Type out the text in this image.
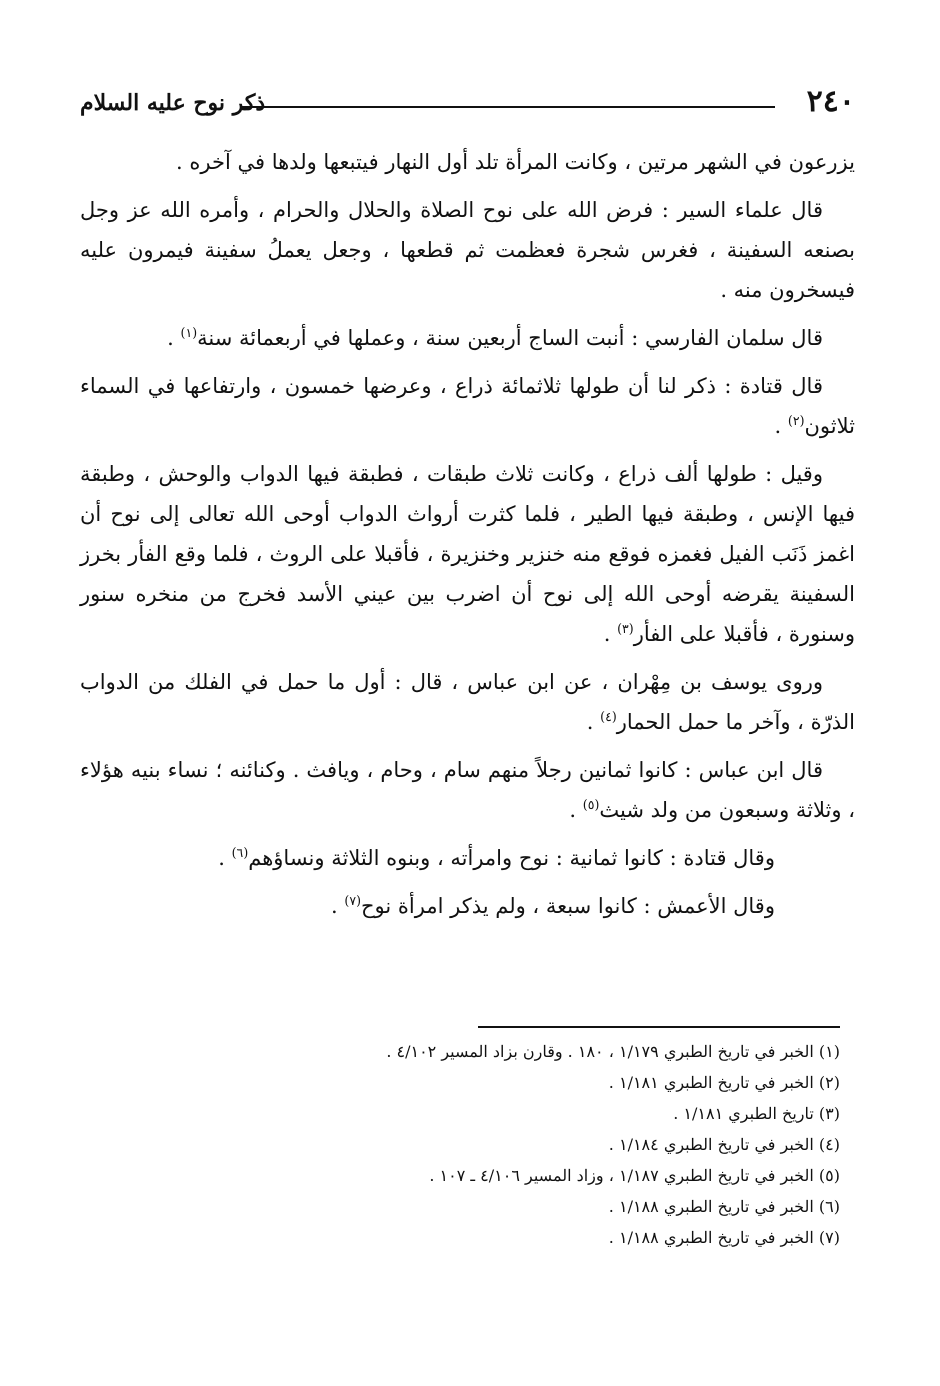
٢٤٠
ذكر نوح عليه السلام

يزرعون في الشهر مرتين ، وكانت المرأة تلد أول النهار فيتبعها ولدها في آخره .

قال علماء السير : فرض الله على نوح الصلاة والحلال والحرام ، وأمره الله عز وجل بصنعه السفينة ، فغرس شجرة فعظمت ثم قطعها ، وجعل يعملُ سفينة فيمرون عليه فيسخرون منه .

قال سلمان الفارسي : أنبت الساج أربعين سنة ، وعملها في أربعمائة سنة$^{(١)}$ .

قال قتادة : ذكر لنا أن طولها ثلاثمائة ذراع ، وعرضها خمسون ، وارتفاعها في السماء ثلاثون$^{(٢)}$ .

وقيل : طولها ألف ذراع ، وكانت ثلاث طبقات ، فطبقة فيها الدواب والوحش ، وطبقة فيها الإنس ، وطبقة فيها الطير ، فلما كثرت أرواث الدواب أوحى الله تعالى إلى نوح أن اغمز ذَنَب الفيل فغمزه فوقع منه خنزير وخنزيرة ، فأقبلا على الروث ، فلما وقع الفأر بخرز السفينة يقرضه أوحى الله إلى نوح أن اضرب بين عيني الأسد فخرج من منخره سنور وسنورة ، فأقبلا على الفأر$^{(٣)}$ .

وروى يوسف بن مِهْران ، عن ابن عباس ، قال : أول ما حمل في الفلك من الدواب الذرّة ، وآخر ما حمل الحمار$^{(٤)}$ .

قال ابن عباس : كانوا ثمانين رجلاً منهم سام ، وحام ، ويافث . وكنائنه ؛ نساء بنيه هؤلاء ، وثلاثة وسبعون من ولد شيث$^{(٥)}$ .

وقال قتادة : كانوا ثمانية : نوح وامرأته ، وبنوه الثلاثة ونساؤهم$^{(٦)}$ .

وقال الأعمش : كانوا سبعة ، ولم يذكر امرأة نوح$^{(٧)}$ .

(١) الخبر في تاريخ الطبري ١/١٧٩ ، ١٨٠ . وقارن بزاد المسير ٤/١٠٢ .

(٢) الخبر في تاريخ الطبري ١/١٨١ .

(٣) تاريخ الطبري ١/١٨١ .

(٤) الخبر في تاريخ الطبري ١/١٨٤ .

(٥) الخبر في تاريخ الطبري ١/١٨٧ ، وزاد المسير ٤/١٠٦ ـ ١٠٧ .

(٦) الخبر في تاريخ الطبري ١/١٨٨ .

(٧) الخبر في تاريخ الطبري ١/١٨٨ .
